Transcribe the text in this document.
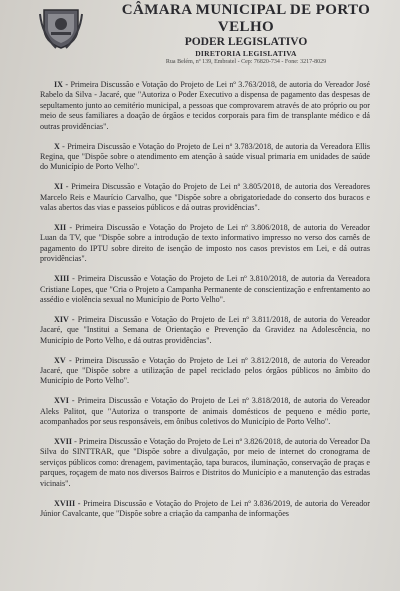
CÂMARA MUNICIPAL DE PORTO VELHO
PODER LEGISLATIVO
DIRETORIA LEGISLATIVA
Rua Belém, nº 139, Embratel - Cep: 76820-734 - Fone: 3217-8029

IX - Primeira Discussão e Votação do Projeto de Lei nº 3.763/2018, de autoria do Vereador José Rabelo da Silva - Jacaré, que "Autoriza o Poder Executivo a dispensa de pagamento das despesas de sepultamento junto ao cemitério municipal, a pessoas que comprovarem através de ato próprio ou por meio de seus familiares a doação de órgãos e tecidos corporais para fim de transplante médico e dá outras providências".

X - Primeira Discussão e Votação do Projeto de Lei nº 3.783/2018, de autoria da Vereadora Ellis Regina, que "Dispõe sobre o atendimento em atenção à saúde visual primaria em unidades de saúde do Município de Porto Velho".

XI - Primeira Discussão e Votação do Projeto de Lei nº 3.805/2018, de autoria dos Vereadores Marcelo Reis e Maurício Carvalho, que "Dispõe sobre a obrigatoriedade do conserto dos buracos e valas abertos das vias e passeios públicos e dá outras providências".

XII - Primeira Discussão e Votação do Projeto de Lei nº 3.806/2018, de autoria do Vereador Luan da TV, que "Dispõe sobre a introdução de texto informativo impresso no verso dos carnês de pagamento do IPTU sobre direito de isenção de imposto nos casos previstos em Lei, e dá outras providências".

XIII - Primeira Discussão e Votação do Projeto de Lei nº 3.810/2018, de autoria da Vereadora Cristiane Lopes, que "Cria o Projeto a Campanha Permanente de conscientização e enfrentamento ao assédio e violência sexual no Município de Porto Velho".

XIV - Primeira Discussão e Votação do Projeto de Lei nº 3.811/2018, de autoria do Vereador Jacaré, que "Institui a Semana de Orientação e Prevenção da Gravidez na Adolescência, no Município de Porto Velho, e dá outras providências".

XV - Primeira Discussão e Votação do Projeto de Lei nº 3.812/2018, de autoria do Vereador Jacaré, que "Dispõe sobre a utilização de papel reciclado pelos órgãos públicos no âmbito do Município de Porto Velho".

XVI - Primeira Discussão e Votação do Projeto de Lei nº 3.818/2018, de autoria do Vereador Aleks Palitot, que "Autoriza o transporte de animais domésticos de pequeno e médio porte, acompanhados por seus responsáveis, em ônibus coletivos do Município de Porto Velho".

XVII - Primeira Discussão e Votação do Projeto de Lei nº 3.826/2018, de autoria do Vereador Da Silva do SINTTRAR, que "Dispõe sobre a divulgação, por meio de internet do cronograma de serviços públicos como: drenagem, pavimentação, tapa buracos, iluminação, conservação de praças e parques, roçagem de mato nos diversos Bairros e Distritos do Município e a manutenção das estradas vicinais".

XVIII - Primeira Discussão e Votação do Projeto de Lei nº 3.836/2019, de autoria do Vereador Júnior Cavalcante, que "Dispõe sobre a criação da campanha de informações
